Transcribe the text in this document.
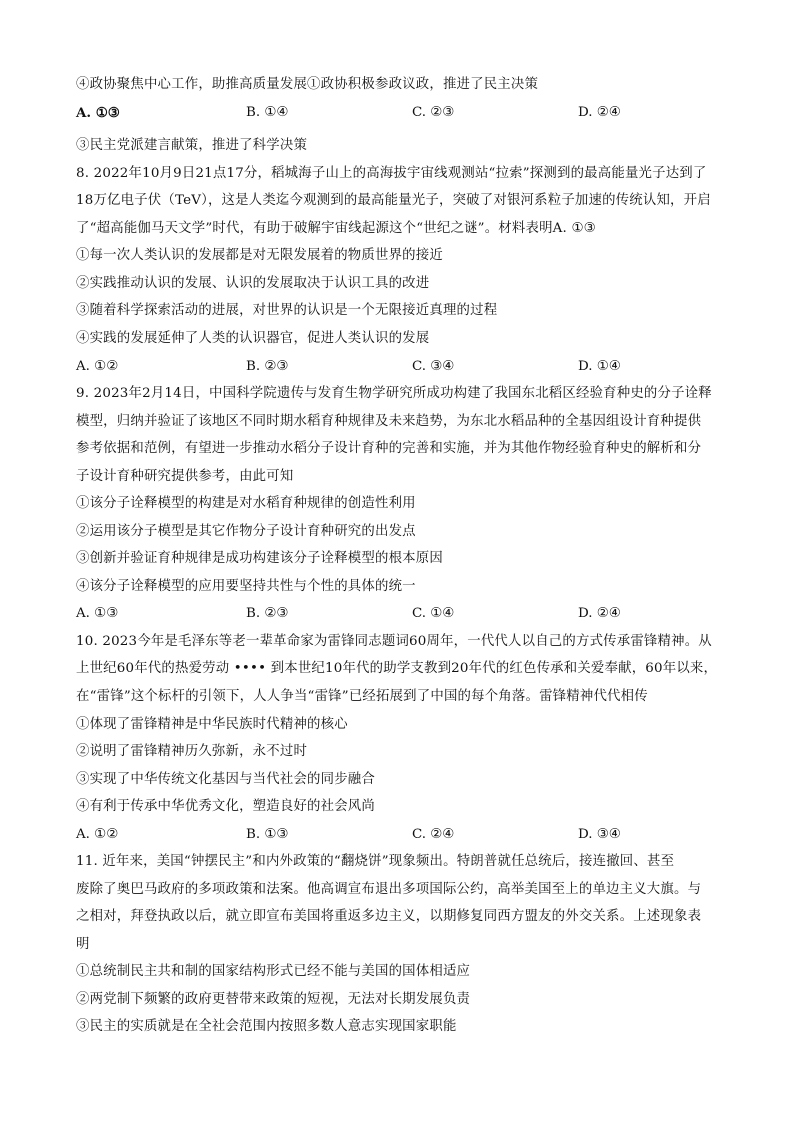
④政协聚焦中心工作，助推高质量发展①政协积极参政议政，推进了民主决策
A. ①③	B. ①④	C. ②③	D. ②④
③民主党派建言献策，推进了科学决策
8. 2022年10月9日21点17分，稻城海子山上的高海拔宇宙线观测站“拉索”探测到的最高能量光子达到了
18万亿电子伏（TeV），这是人类迄今观测到的最高能量光子，突破了对银河系粒子加速的传统认知，开启
了“超高能伽马天文学”时代，有助于破解宇宙线起源这个“世纪之谜”。材料表明A. ①③
①每一次人类认识的发展都是对无限发展着的物质世界的接近
②实践推动认识的发展、认识的发展取决于认识工具的改进
③随着科学探索活动的进展，对世界的认识是一个无限接近真理的过程
④实践的发展延伸了人类的认识器官，促进人类认识的发展
A. ①②	B. ②③	C. ③④	D. ①④
9. 2023年2月14日，中国科学院遗传与发育生物学研究所成功构建了我国东北稻区经验育种史的分子诠释
模型，归纳并验证了该地区不同时期水稻育种规律及未来趋势，为东北水稻品种的全基因组设计育种提供
参考依据和范例，有望进一步推动水稻分子设计育种的完善和实施，并为其他作物经验育种史的解析和分
子设计育种研究提供参考，由此可知
①该分子诠释模型的构建是对水稻育种规律的创造性利用
②运用该分子模型是其它作物分子设计育种研究的出发点
③创新并验证育种规律是成功构建该分子诠释模型的根本原因
④该分子诠释模型的应用要坚持共性与个性的具体的统一
A. ①③	B. ②③	C. ①④	D. ②④
10. 2023今年是毛泽东等老一辈革命家为雷锋同志题词60周年，一代代人以自己的方式传承雷锋精神。从
上世纪60年代的热爱劳动 •••• 到本世纪10年代的助学支教到20年代的红色传承和关爱奉献，60年以来，
在“雷锋”这个标杆的引领下，人人争当“雷锋”已经拓展到了中国的每个角落。雷锋精神代代相传
①体现了雷锋精神是中华民族时代精神的核心
②说明了雷锋精神历久弥新，永不过时
③实现了中华传统文化基因与当代社会的同步融合
④有利于传承中华优秀文化，塑造良好的社会风尚
A. ①②	B. ①③	C. ②④	D. ③④
11. 近年来，美国“钟摆民主”和内外政策的“翻烧饼”现象频出。特朗普就任总统后，接连撤回、甚至
废除了奥巴马政府的多项政策和法案。他高调宣布退出多项国际公约，高举美国至上的单边主义大旗。与
之相对，拜登执政以后，就立即宣布美国将重返多边主义，以期修复同西方盟友的外交关系。上述现象表
明
①总统制民主共和制的国家结构形式已经不能与美国的国体相适应
②两党制下频繁的政府更替带来政策的短视，无法对长期发展负责
③民主的实质就是在全社会范围内按照多数人意志实现国家职能
